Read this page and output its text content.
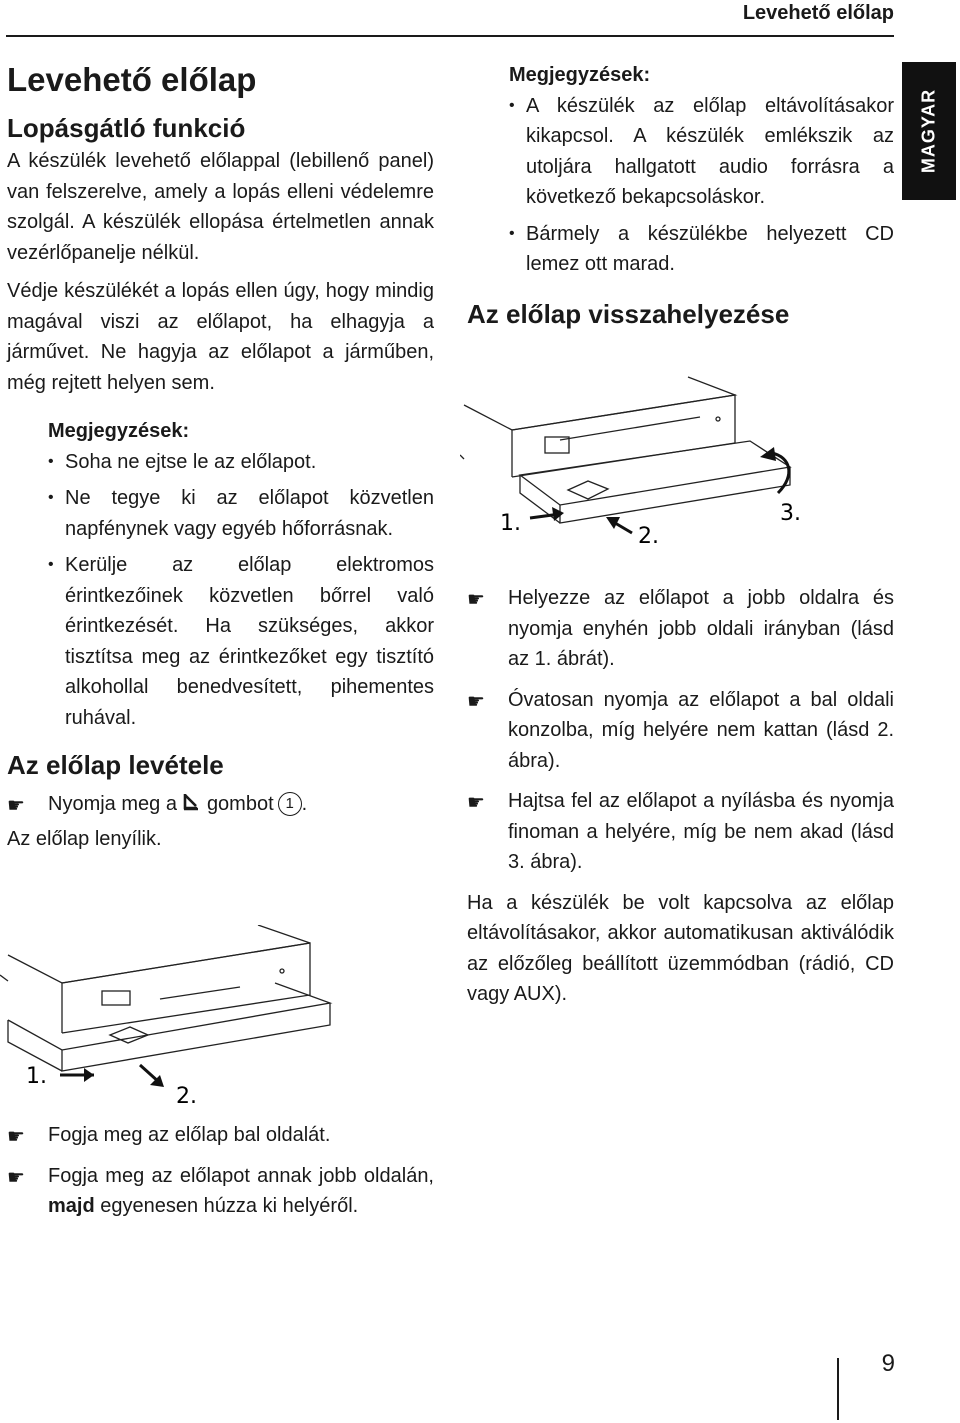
Levehető előlap
MAGYAR
Levehető előlap
Lopásgátló funkció

A készülék levehető előlappal (lebillenő panel) van felszerelve, amely a lopás elleni védelemre szolgál. A készülék ellopása értelmetlen annak vezérlőpanelje nélkül.

Védje készülékét a lopás ellen úgy, hogy mindig magával viszi az előlapot, ha elhagyja a járművet. Ne hagyja az előlapot a járműben, még rejtett helyen sem.

Megjegyzések:
• Soha ne ejtse le az előlapot.
• Ne tegye ki az előlapot közvetlen napfénynek vagy egyéb hőforrásnak.
• Kerülje az előlap elektromos érintkezőinek közvetlen bőrrel való érintkezését. Ha szükséges, akkor tisztítsa meg az érintkezőket egy tisztító alkohollal benedvesített, pihementes ruhával.
Az előlap levétele
☛ Nyomja meg a gombot 1 .
Az előlap lenyílik.
1.
2.
☛ Fogja meg az előlap bal oldalát.
☛ Fogja meg az előlapot annak jobb oldalán, majd egyenesen húzza ki helyéről.
Megjegyzések:
• A készülék az előlap eltávolításakor kikapcsol. A készülék emlékszik az utoljára hallgatott audio forrásra a következő bekapcsoláskor.
• Bármely a készülékbe helyezett CD lemez ott marad.
Az előlap visszahelyezése
1.
2.
3.
☛ Helyezze az előlapot a jobb oldalra és nyomja enyhén jobb oldali irányban (lásd az 1. ábrát).
☛ Óvatosan nyomja az előlapot a bal oldali konzolba, míg helyére nem kattan (lásd 2. ábra).
☛ Hajtsa fel az előlapot a nyílásba és nyomja finoman a helyére, míg be nem akad (lásd 3. ábra).

Ha a készülék be volt kapcsolva az előlap eltávolításakor, akkor automatikusan aktiválódik az előzőleg beállított üzemmódban (rádió, CD vagy AUX).

9
